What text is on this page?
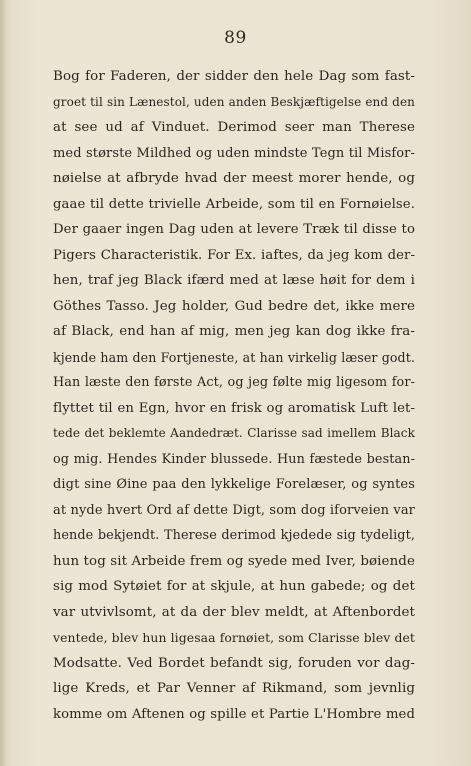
89
Bog for Faderen, der sidder den hele Dag som fast-
groet til sin Lænestol, uden anden Beskjæftigelse end den
at see ud af Vinduet. Derimod seer man Therese
med største Mildhed og uden mindste Tegn til Misfor-
nøielse at afbryde hvad der meest morer hende, og
gaae til dette trivielle Arbeide, som til en Fornøielse.
Der gaaer ingen Dag uden at levere Træk til disse to
Pigers Characteristik. For Ex. iaftes, da jeg kom der-
hen, traf jeg Black ifærd med at læse høit for dem i
Göthes Tasso. Jeg holder, Gud bedre det, ikke mere
af Black, end han af mig, men jeg kan dog ikke fra-
kjende ham den Fortjeneste, at han virkelig læser godt.
Han læste den første Act, og jeg følte mig ligesom for-
flyttet til en Egn, hvor en frisk og aromatisk Luft let-
tede det beklemte Aandedræt. Clarisse sad imellem Black
og mig. Hendes Kinder blussede. Hun fæstede bestan-
digt sine Øine paa den lykkelige Forelæser, og syntes
at nyde hvert Ord af dette Digt, som dog iforveien var
hende bekjendt. Therese derimod kjedede sig tydeligt,
hun tog sit Arbeide frem og syede med Iver, bøiende
sig mod Sytøiet for at skjule, at hun gabede; og det
var utvivlsomt, at da der blev meldt, at Aftenbordet
ventede, blev hun ligesaa fornøiet, som Clarisse blev det
Modsatte. Ved Bordet befandt sig, foruden vor dag-
lige Kreds, et Par Venner af Rikmand, som jevnlig
komme om Aftenen og spille et Partie L'Hombre med
